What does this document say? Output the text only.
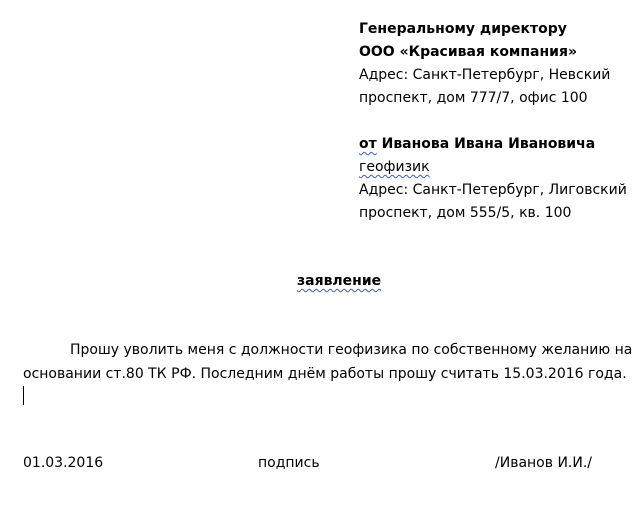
Генеральному директору
ООО «Красивая компания»
Адрес: Санкт-Петербург, Невский
проспект, дом 777/7, офис 100
от Иванова Ивана Ивановича
геофизик
Адрес: Санкт-Петербург, Лиговский
проспект, дом 555/5, кв. 100
заявление
Прошу уволить меня с должности геофизика по собственному желанию на
основании ст.80 ТК РФ. Последним днём работы прошу считать 15.03.2016 года.
01.03.2016	подпись	/Иванов И.И./
